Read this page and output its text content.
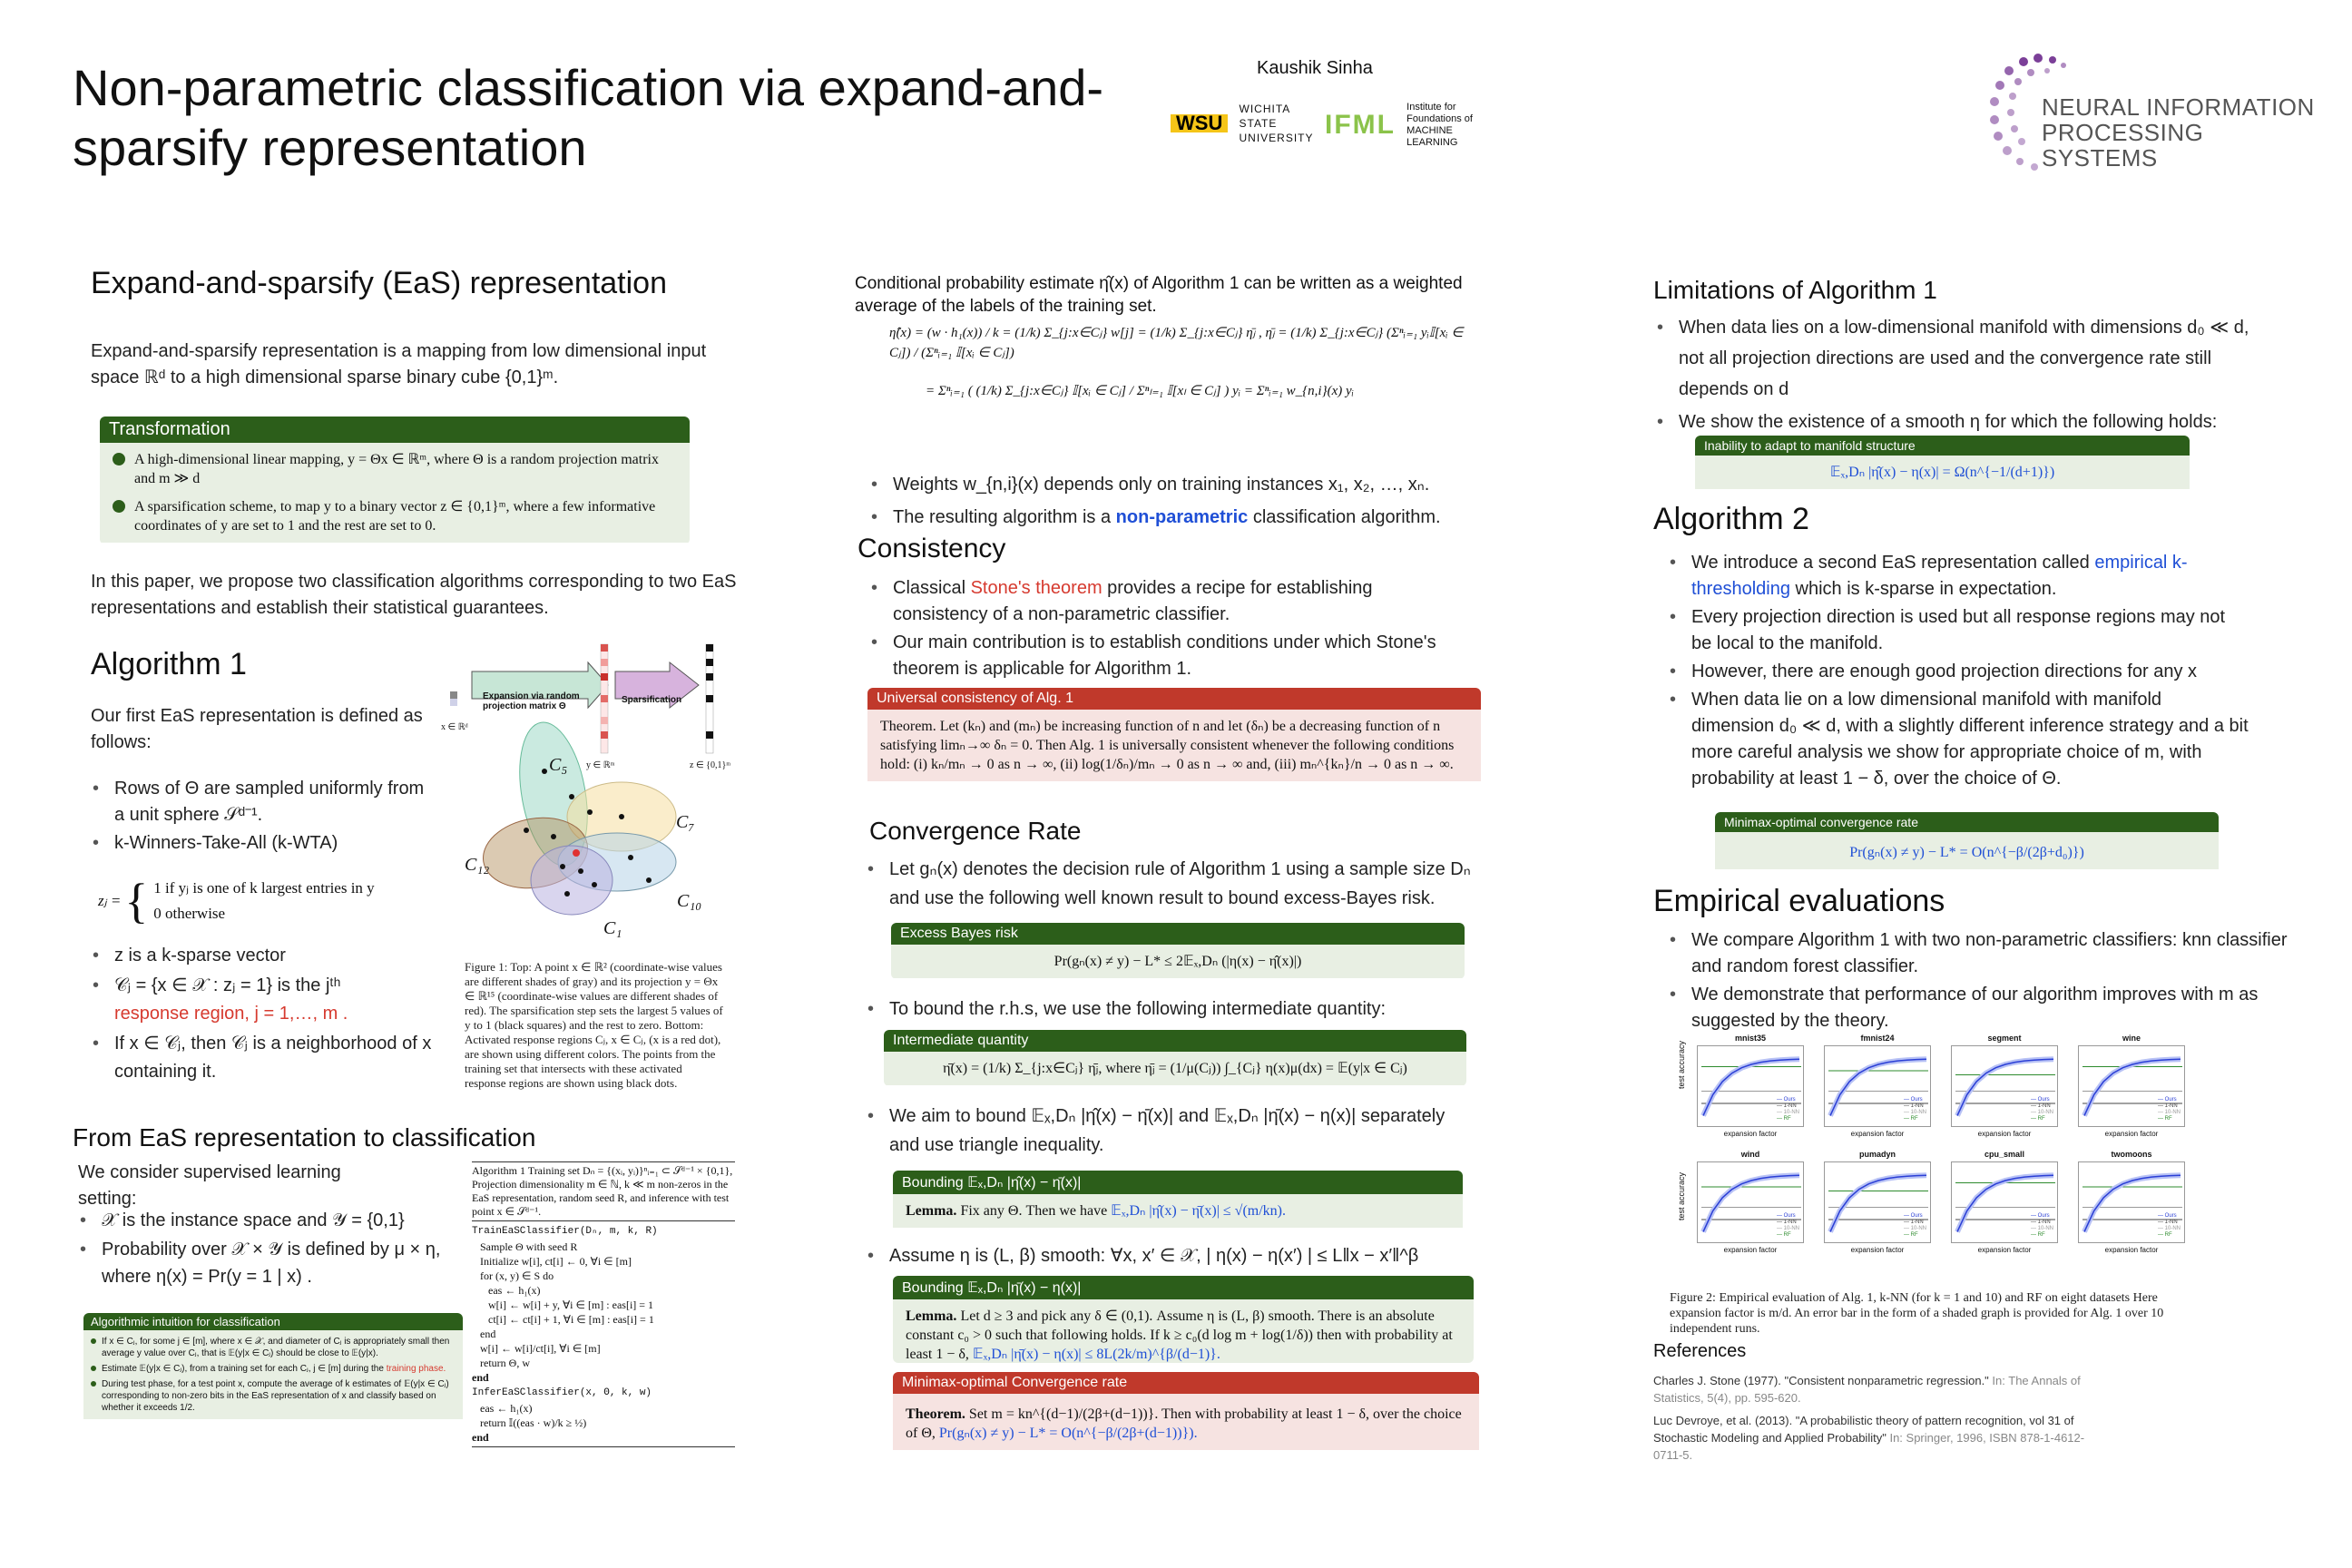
Non-parametric classification via expand-and-sparsify representation
Kaushik Sinha
WSU WICHITA STATE UNIVERSITY IFML Institute for Foundations of MACHINE LEARNING
NEURAL INFORMATION PROCESSING SYSTEMS
Expand-and-sparsify (EaS) representation
Expand-and-sparsify representation is a mapping from low dimensional input space ℝᵈ to a high dimensional sparse binary cube {0,1}ᵐ.
Transformation
A high-dimensional linear mapping, y = Θx ∈ ℝᵐ, where Θ is a random projection matrix and m ≫ d
A sparsification scheme, to map y to a binary vector z ∈ {0,1}ᵐ, where a few informative coordinates of y are set to 1 and the rest are set to 0.
In this paper, we propose two classification algorithms corresponding to two EaS representations and establish their statistical guarantees.
Algorithm 1
Our first EaS representation is defined as follows:
• Rows of Θ are sampled uniformly from a unit sphere 𝒮ᵈ⁻¹.
• k-Winners-Take-All (k-WTA)
zⱼ = { 1 if yⱼ is one of k largest entries in y
0 otherwise
• z is a k-sparse vector
• 𝒞ⱼ = {x ∈ 𝒳 : zⱼ = 1} is the jᵗʰ
response region, j = 1,…, m .
• If x ∈ 𝒞ⱼ, then 𝒞ⱼ is a neighborhood of x containing it.
Expansion via random projection matrix Θ
Sparsification
x ∈ ℝᵈ
y ∈ ℝᵐ	z ∈ {0,1}ᵐ
C₅
C₇
C₁₂
C₁₀
C₁
Figure 1: Top: A point x ∈ ℝ² (coordinate-wise values are different shades of gray) and its projection y = Θx ∈ ℝ¹⁵ (coordinate-wise values are different shades of red). The sparsification step sets the largest 5 values of y to 1 (black squares) and the rest to zero. Bottom: Activated response regions Cⱼ, x ∈ Cⱼ, (x is a red dot), are shown using different colors. The points from the training set that intersects with these activated response regions are shown using black dots.
From EaS representation to classification
We consider supervised learning setting:
• 𝒳 is the instance space and 𝒴 = {0,1}
• Probability over 𝒳 × 𝒴 is defined by μ × η, where η(x) = Pr(y = 1 | x) .
Algorithmic intuition for classification
If x ∈ Cⱼ, for some j ∈ [m], where x ∈ 𝒳, and diameter of Cⱼ is appropriately small then average y value over Cⱼ, that is 𝔼(y|x ∈ Cⱼ) should be close to 𝔼(y|x).
Estimate 𝔼(y|x ∈ Cⱼ), from a training set for each Cⱼ, j ∈ [m] during the training phase.
During test phase, for a test point x, compute the average of k estimates of 𝔼(y|x ∈ Cⱼ) corresponding to non-zero bits in the EaS representation of x and classify based on whether it exceeds 1/2.
Algorithm 1 Training set Dₙ = {(xᵢ, yᵢ)}ⁿᵢ₌₁ ⊂ 𝒮ᵈ⁻¹ × {0,1}, Projection dimensionality m ∈ ℕ, k ≪ m non-zeros in the EaS representation, random seed R, and inference with test point x ∈ 𝒮ᵈ⁻¹.
TrainEaSClassifier(Dₙ, m, k, R)
Sample Θ with seed R
Initialize w[i], ct[i] ← 0, ∀i ∈ [m]
for (x, y) ∈ S do
eas ← h₁(x)
w[i] ← w[i] + y, ∀i ∈ [m] : eas[i] = 1
ct[i] ← ct[i] + 1, ∀i ∈ [m] : eas[i] = 1
end
w[i] ← w[i]/ct[i], ∀i ∈ [m]
return Θ, w
end
InferEaSClassifier(x, Θ, k, w)
eas ← h₁(x)
return 𝕀((eas · w)/k ≥ ½)
end
Conditional probability estimate η̂(x) of Algorithm 1 can be written as a weighted average of the labels of the training set.
η̂(x) = (w · h₁(x)) / k = (1/k) Σ_{j:x∈Cⱼ} w[j] = (1/k) Σ_{j:x∈Cⱼ} η̄ⱼ , η̄ⱼ = (1/k) Σ_{j:x∈Cⱼ} (Σⁿᵢ₌₁ yᵢ𝕀[xᵢ ∈ Cⱼ]) / (Σⁿᵢ₌₁ 𝕀[xᵢ ∈ Cⱼ])
= Σⁿᵢ₌₁ ( (1/k) Σ_{j:x∈Cⱼ} 𝕀[xᵢ ∈ Cⱼ] / Σⁿₗ₌₁ 𝕀[xₗ ∈ Cⱼ] ) yᵢ = Σⁿᵢ₌₁ w_{n,i}(x) yᵢ
• Weights w_{n,i}(x) depends only on training instances x₁, x₂, …, xₙ.
• The resulting algorithm is a non-parametric classification algorithm.
Consistency
• Classical Stone's theorem provides a recipe for establishing consistency of a non-parametric classifier.
• Our main contribution is to establish conditions under which Stone's theorem is applicable for Algorithm 1.
Universal consistency of Alg. 1
Theorem. Let (kₙ) and (mₙ) be increasing function of n and let (δₙ) be a decreasing function of n satisfying limₙ→∞ δₙ = 0. Then Alg. 1 is universally consistent whenever the following conditions hold: (i) kₙ/mₙ → 0 as n → ∞, (ii) log(1/δₙ)/mₙ → 0 as n → ∞ and, (iii) mₙ^{kₙ}/n → 0 as n → ∞.
Convergence Rate
• Let gₙ(x) denotes the decision rule of Algorithm 1 using a sample size Dₙ and use the following well known result to bound excess-Bayes risk.
Excess Bayes risk
Pr(gₙ(x) ≠ y) − L* ≤ 2𝔼ₓ,Dₙ (|η(x) − η̂(x)|)
• To bound the r.h.s, we use the following intermediate quantity:
Intermediate quantity
η̄(x) = (1/k) Σ_{j:x∈Cⱼ} η̄ⱼ, where η̄ⱼ = (1/μ(Cⱼ)) ∫_{Cⱼ} η(x)μ(dx) = 𝔼(y|x ∈ Cⱼ)
• We aim to bound 𝔼ₓ,Dₙ |η̂(x) − η̄(x)| and 𝔼ₓ,Dₙ |η̄(x) − η(x)| separately and use triangle inequality.
Bounding 𝔼ₓ,Dₙ |η̂(x) − η̄(x)|
Lemma. Fix any Θ. Then we have 𝔼ₓ,Dₙ |η̂(x) − η̄(x)| ≤ √(m/kn).
• Assume η is (L, β) smooth: ∀x, x′ ∈ 𝒳, | η(x) − η(x′) | ≤ L‖x − x′‖^β
Bounding 𝔼ₓ,Dₙ |η̄(x) − η(x)|
Lemma. Let d ≥ 3 and pick any δ ∈ (0,1). Assume η is (L, β) smooth. There is an absolute constant c₀ > 0 such that following holds. If k ≥ c₀(d log m + log(1/δ)) then with probability at least 1 − δ, 𝔼ₓ,Dₙ |η̄(x) − η(x)| ≤ 8L(2k/m)^{β/(d−1)}.
Minimax-optimal Convergence rate
Theorem. Set m = kn^{(d−1)/(2β+(d−1))}. Then with probability at least 1 − δ, over the choice of Θ, Pr(gₙ(x) ≠ y) − L* = O(n^{−β/(2β+(d−1))}).
Limitations of Algorithm 1
• When data lies on a low-dimensional manifold with dimensions d₀ ≪ d, not all projection directions are used and the convergence rate still depends on d
• We show the existence of a smooth η for which the following holds:
Inability to adapt to manifold structure
𝔼ₓ,Dₙ |η̂(x) − η(x)| = Ω(n^{−1/(d+1)})
Algorithm 2
• We introduce a second EaS representation called empirical k-thresholding which is k-sparse in expectation.
• Every projection direction is used but all response regions may not be local to the manifold.
• However, there are enough good projection directions for any x
• When data lie on a low dimensional manifold with manifold dimension d₀ ≪ d, with a slightly different inference strategy and a bit more careful analysis we show for appropriate choice of m, with probability at least 1 − δ, over the choice of Θ.
Minimax-optimal convergence rate
Pr(gₙ(x) ≠ y) − L* = O(n^{−β/(2β+d₀)})
Empirical evaluations
• We compare Algorithm 1 with two non-parametric classifiers: knn classifier and random forest classifier.
• We demonstrate that performance of our algorithm improves with m as suggested by the theory.
mnist35
— Ours
— 1-NN
— 10-NN
— RF
expansion factor
fmnist24
— Ours
— 1-NN
— 10-NN
— RF
expansion factor
segment
— Ours
— 1-NN
— 10-NN
— RF
expansion factor
wine
— Ours
— 1-NN
— 10-NN
— RF
expansion factor
wind
— Ours
— 1-NN
— 10-NN
— RF
expansion factor
pumadyn
— Ours
— 1-NN
— 10-NN
— RF
expansion factor
cpu_small
— Ours
— 1-NN
— 10-NN
— RF
expansion factor
twomoons
— Ours
— 1-NN
— 10-NN
— RF
expansion factor
test accuracy
test accuracy
Figure 2: Empirical evaluation of Alg. 1, k-NN (for k = 1 and 10) and RF on eight datasets Here expansion factor is m/d. An error bar in the form of a shaded graph is provided for Alg. 1 over 10 independent runs.
References
Charles J. Stone (1977). "Consistent nonparametric regression." In: The Annals of Statistics, 5(4), pp. 595-620.
Luc Devroye, et al. (2013). "A probabilistic theory of pattern recognition, vol 31 of Stochastic Modeling and Applied Probability" In: Springer, 1996, ISBN 878-1-4612-0711-5.
